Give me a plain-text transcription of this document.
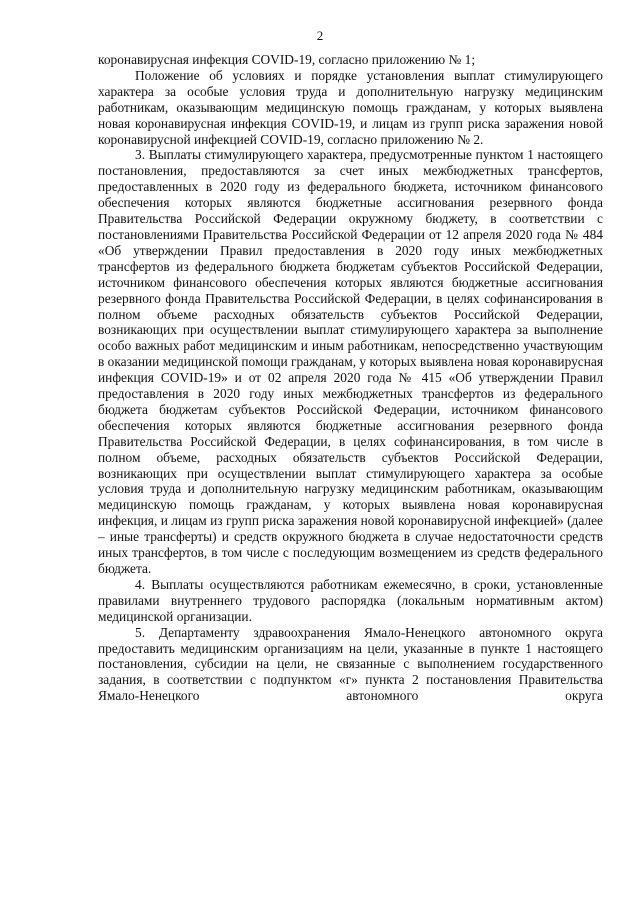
2

коронавирусная инфекция COVID-19, согласно приложению № 1;

Положение об условиях и порядке установления выплат стимулирующего характера за особые условия труда и дополнительную нагрузку медицинским работникам, оказывающим медицинскую помощь гражданам, у которых выявлена новая коронавирусная инфекция COVID-19, и лицам из групп риска заражения новой коронавирусной инфекцией COVID-19, согласно приложению № 2.

3. Выплаты стимулирующего характера, предусмотренные пунктом 1 настоящего постановления, предоставляются за счет иных межбюджетных трансфертов, предоставленных в 2020 году из федерального бюджета, источником финансового обеспечения которых являются бюджетные ассигнования резервного фонда Правительства Российской Федерации окружному бюджету, в соответствии с постановлениями Правительства Российской Федерации от 12 апреля 2020 года № 484 «Об утверждении Правил предоставления в 2020 году иных межбюджетных трансфертов из федерального бюджета бюджетам субъектов Российской Федерации, источником финансового обеспечения которых являются бюджетные ассигнования резервного фонда Правительства Российской Федерации, в целях софинансирования в полном объеме расходных обязательств субъектов Российской Федерации, возникающих при осуществлении выплат стимулирующего характера за выполнение особо важных работ медицинским и иным работникам, непосредственно участвующим в оказании медицинской помощи гражданам, у которых выявлена новая коронавирусная инфекция COVID-19» и от 02 апреля 2020 года № 415 «Об утверждении Правил предоставления в 2020 году иных межбюджетных трансфертов из федерального бюджета бюджетам субъектов Российской Федерации, источником финансового обеспечения которых являются бюджетные ассигнования резервного фонда Правительства Российской Федерации, в целях софинансирования, в том числе в полном объеме, расходных обязательств субъектов Российской Федерации, возникающих при осуществлении выплат стимулирующего характера за особые условия труда и дополнительную нагрузку медицинским работникам, оказывающим медицинскую помощь гражданам, у которых выявлена новая коронавирусная инфекция, и лицам из групп риска заражения новой коронавирусной инфекцией» (далее – иные трансферты) и средств окружного бюджета в случае недостаточности средств иных трансфертов, в том числе с последующим возмещением из средств федерального бюджета.

4. Выплаты осуществляются работникам ежемесячно, в сроки, установленные правилами внутреннего трудового распорядка (локальным нормативным актом) медицинской организации.

5. Департаменту здравоохранения Ямало-Ненецкого автономного округа предоставить медицинским организациям на цели, указанные в пункте 1 настоящего постановления, субсидии на цели, не связанные с выполнением государственного задания, в соответствии с подпунктом «г» пункта 2 постановления Правительства Ямало-Ненецкого автономного округа
